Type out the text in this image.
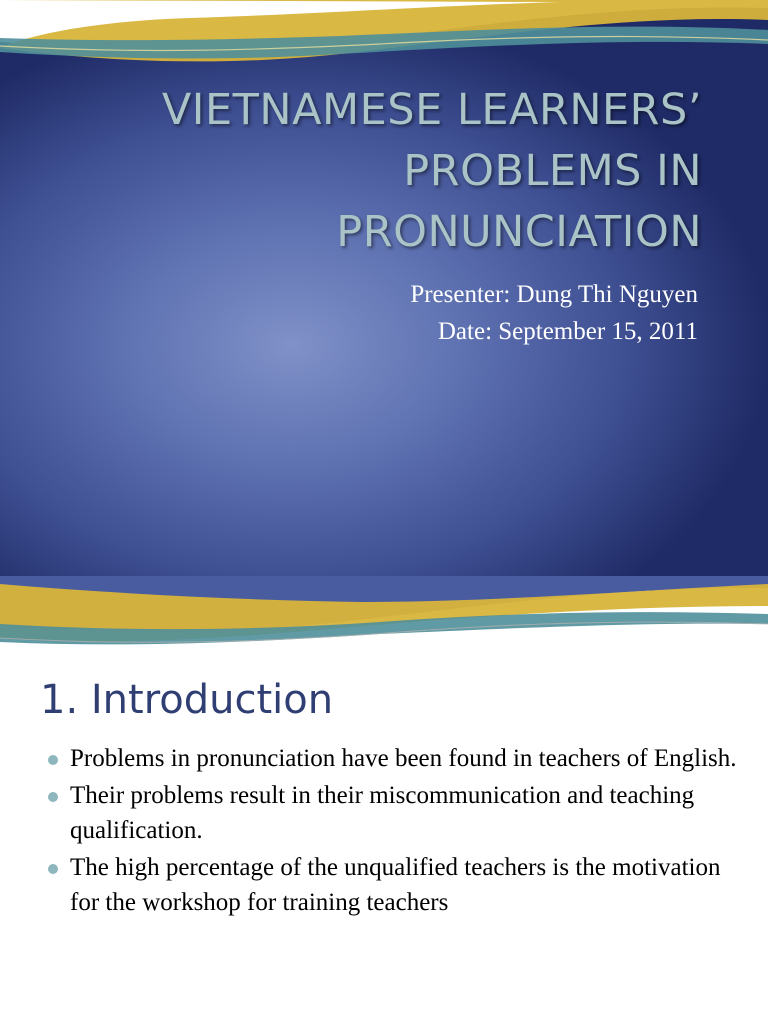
VIETNAMESE LEARNERS’
PROBLEMS IN
PRONUNCIATION
Presenter: Dung Thi Nguyen
Date: September 15, 2011
1. Introduction
Problems in pronunciation have been found in teachers of English.
Their problems result in their miscommunication and teaching qualification.
The high percentage of the unqualified teachers is the motivation for the workshop for training teachers
